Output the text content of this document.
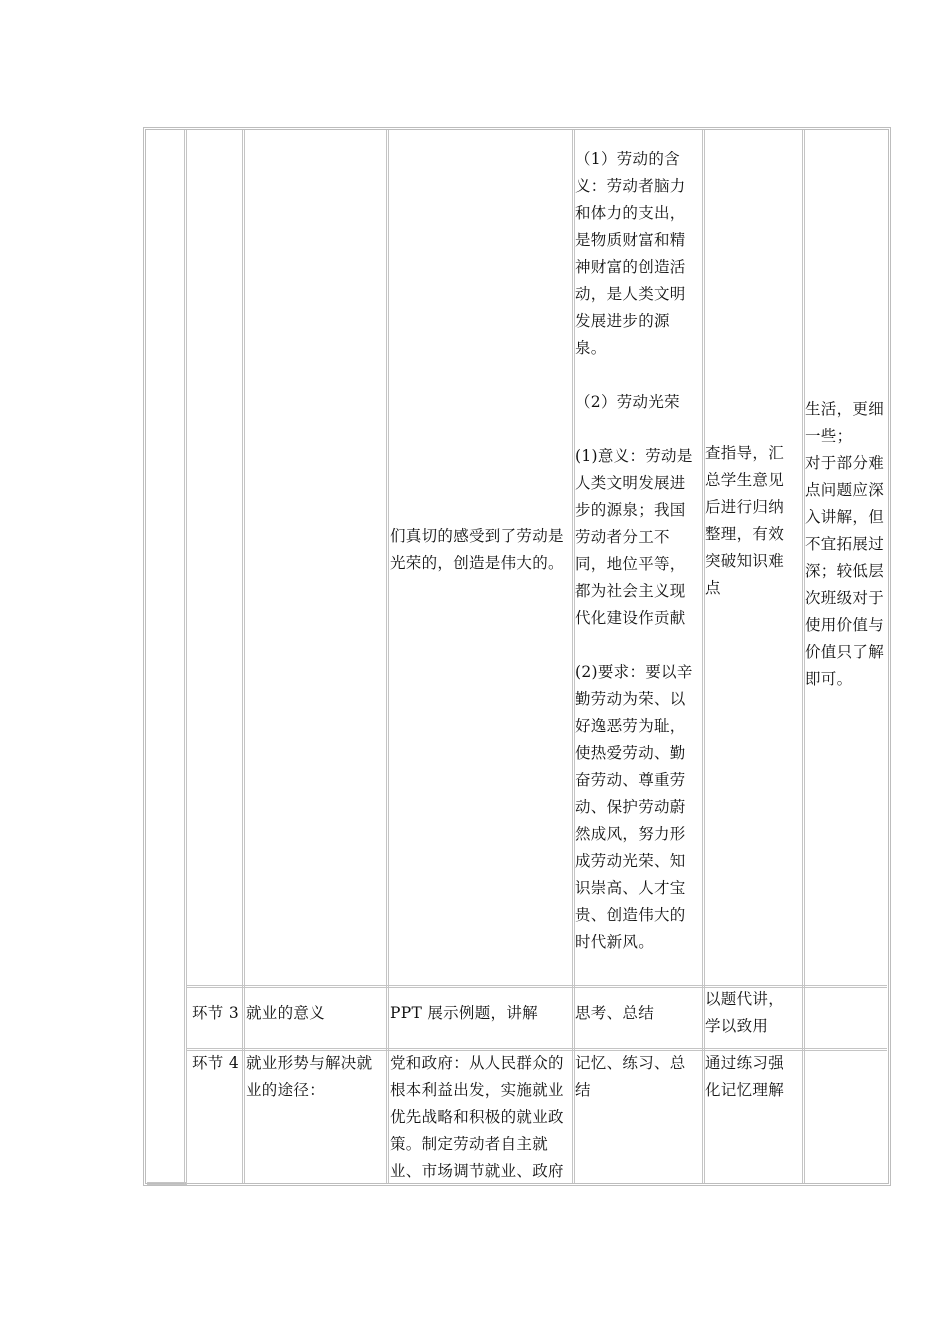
们真切的感受到了劳动是

光荣的，创造是伟大的。

（1）劳动的含

义：劳动者脑力

和体力的支出，

是物质财富和精

神财富的创造活

动，是人类文明

发展进步的源

泉。

（2）劳动光荣

(1)意义：劳动是

人类文明发展进

步的源泉；我国

劳动者分工不

同，地位平等，

都为社会主义现

代化建设作贡献

(2)要求：要以辛

勤劳动为荣、以

好逸恶劳为耻，

使热爱劳动、勤

奋劳动、尊重劳

动、保护劳动蔚

然成风，努力形

成劳动光荣、知

识崇高、人才宝

贵、创造伟大的

时代新风。

查指导，汇

总学生意见

后进行归纳

整理，有效

突破知识难

点

生活，更细

一些；

对于部分难

点问题应深

入讲解，但

不宜拓展过

深；较低层

次班级对于

使用价值与

价值只了解

即可。

环节 3 就业的意义	PPT 展示例题，讲解 思考、总结

以题代讲，

学以致用

环节 4 就业形势与解决就

业的途径：

党和政府：从人民群众的

根本利益出发，实施就业

优先战略和积极的就业政

策。制定劳动者自主就

业、市场调节就业、政府

记忆、练习、总

结

通过练习强

化记忆理解
